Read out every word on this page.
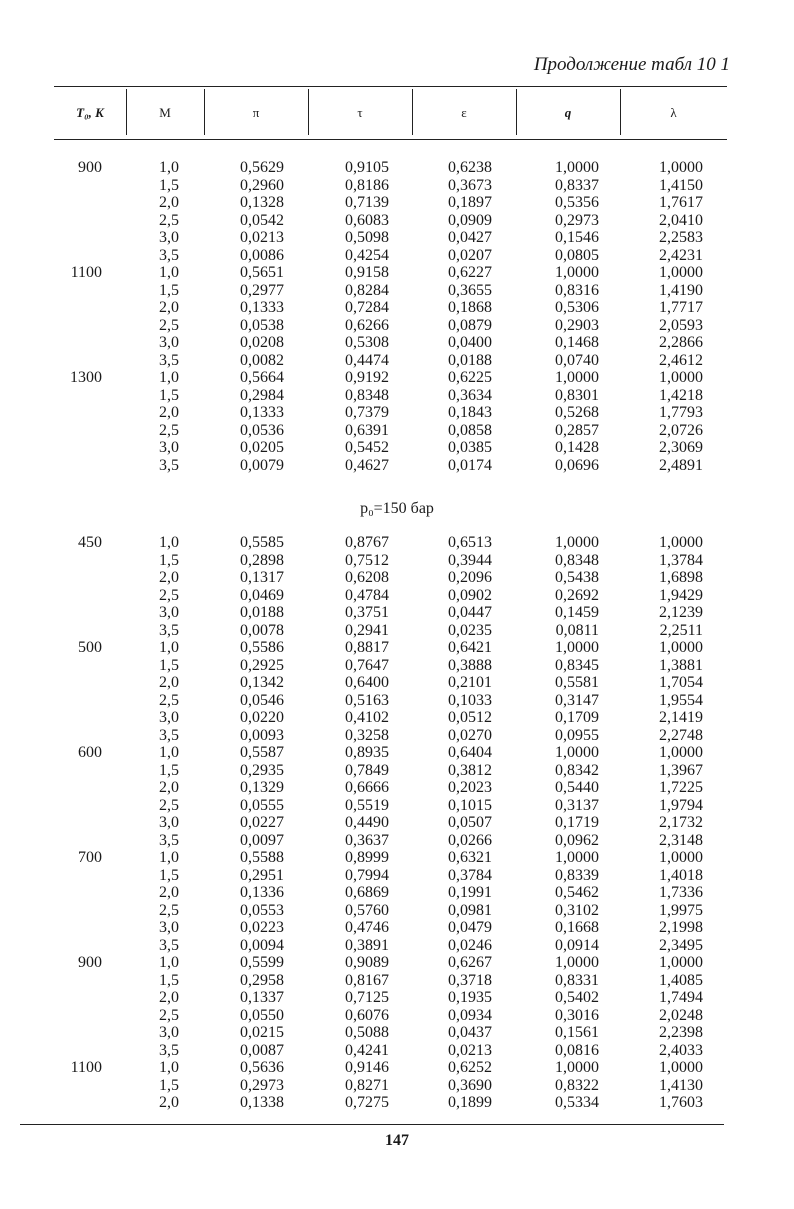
Продолжение табл 10 1
T₀, K	M	π	τ	ε	q	λ
900	1,0	0,5629	0,9105	0,6238	1,0000	1,0000
1,5	0,2960	0,8186	0,3673	0,8337	1,4150
2,0	0,1328	0,7139	0,1897	0,5356	1,7617
2,5	0,0542	0,6083	0,0909	0,2973	2,0410
3,0	0,0213	0,5098	0,0427	0,1546	2,2583
3,5	0,0086	0,4254	0,0207	0,0805	2,4231
1100	1,0	0,5651	0,9158	0,6227	1,0000	1,0000
1,5	0,2977	0,8284	0,3655	0,8316	1,4190
2,0	0,1333	0,7284	0,1868	0,5306	1,7717
2,5	0,0538	0,6266	0,0879	0,2903	2,0593
3,0	0,0208	0,5308	0,0400	0,1468	2,2866
3,5	0,0082	0,4474	0,0188	0,0740	2,4612
1300	1,0	0,5664	0,9192	0,6225	1,0000	1,0000
1,5	0,2984	0,8348	0,3634	0,8301	1,4218
2,0	0,1333	0,7379	0,1843	0,5268	1,7793
2,5	0,0536	0,6391	0,0858	0,2857	2,0726
3,0	0,0205	0,5452	0,0385	0,1428	2,3069
3,5	0,0079	0,4627	0,0174	0,0696	2,4891
p₀=150 бар
450	1,0	0,5585	0,8767	0,6513	1,0000	1,0000
1,5	0,2898	0,7512	0,3944	0,8348	1,3784
2,0	0,1317	0,6208	0,2096	0,5438	1,6898
2,5	0,0469	0,4784	0,0902	0,2692	1,9429
3,0	0,0188	0,3751	0,0447	0,1459	2,1239
3,5	0,0078	0,2941	0,0235	0,0811	2,2511
500	1,0	0,5586	0,8817	0,6421	1,0000	1,0000
1,5	0,2925	0,7647	0,3888	0,8345	1,3881
2,0	0,1342	0,6400	0,2101	0,5581	1,7054
2,5	0,0546	0,5163	0,1033	0,3147	1,9554
3,0	0,0220	0,4102	0,0512	0,1709	2,1419
3,5	0,0093	0,3258	0,0270	0,0955	2,2748
600	1,0	0,5587	0,8935	0,6404	1,0000	1,0000
1,5	0,2935	0,7849	0,3812	0,8342	1,3967
2,0	0,1329	0,6666	0,2023	0,5440	1,7225
2,5	0,0555	0,5519	0,1015	0,3137	1,9794
3,0	0,0227	0,4490	0,0507	0,1719	2,1732
3,5	0,0097	0,3637	0,0266	0,0962	2,3148
700	1,0	0,5588	0,8999	0,6321	1,0000	1,0000
1,5	0,2951	0,7994	0,3784	0,8339	1,4018
2,0	0,1336	0,6869	0,1991	0,5462	1,7336
2,5	0,0553	0,5760	0,0981	0,3102	1,9975
3,0	0,0223	0,4746	0,0479	0,1668	2,1998
3,5	0,0094	0,3891	0,0246	0,0914	2,3495
900	1,0	0,5599	0,9089	0,6267	1,0000	1,0000
1,5	0,2958	0,8167	0,3718	0,8331	1,4085
2,0	0,1337	0,7125	0,1935	0,5402	1,7494
2,5	0,0550	0,6076	0,0934	0,3016	2,0248
3,0	0,0215	0,5088	0,0437	0,1561	2,2398
3,5	0,0087	0,4241	0,0213	0,0816	2,4033
1100	1,0	0,5636	0,9146	0,6252	1,0000	1,0000
1,5	0,2973	0,8271	0,3690	0,8322	1,4130
2,0	0,1338	0,7275	0,1899	0,5334	1,7603
147
